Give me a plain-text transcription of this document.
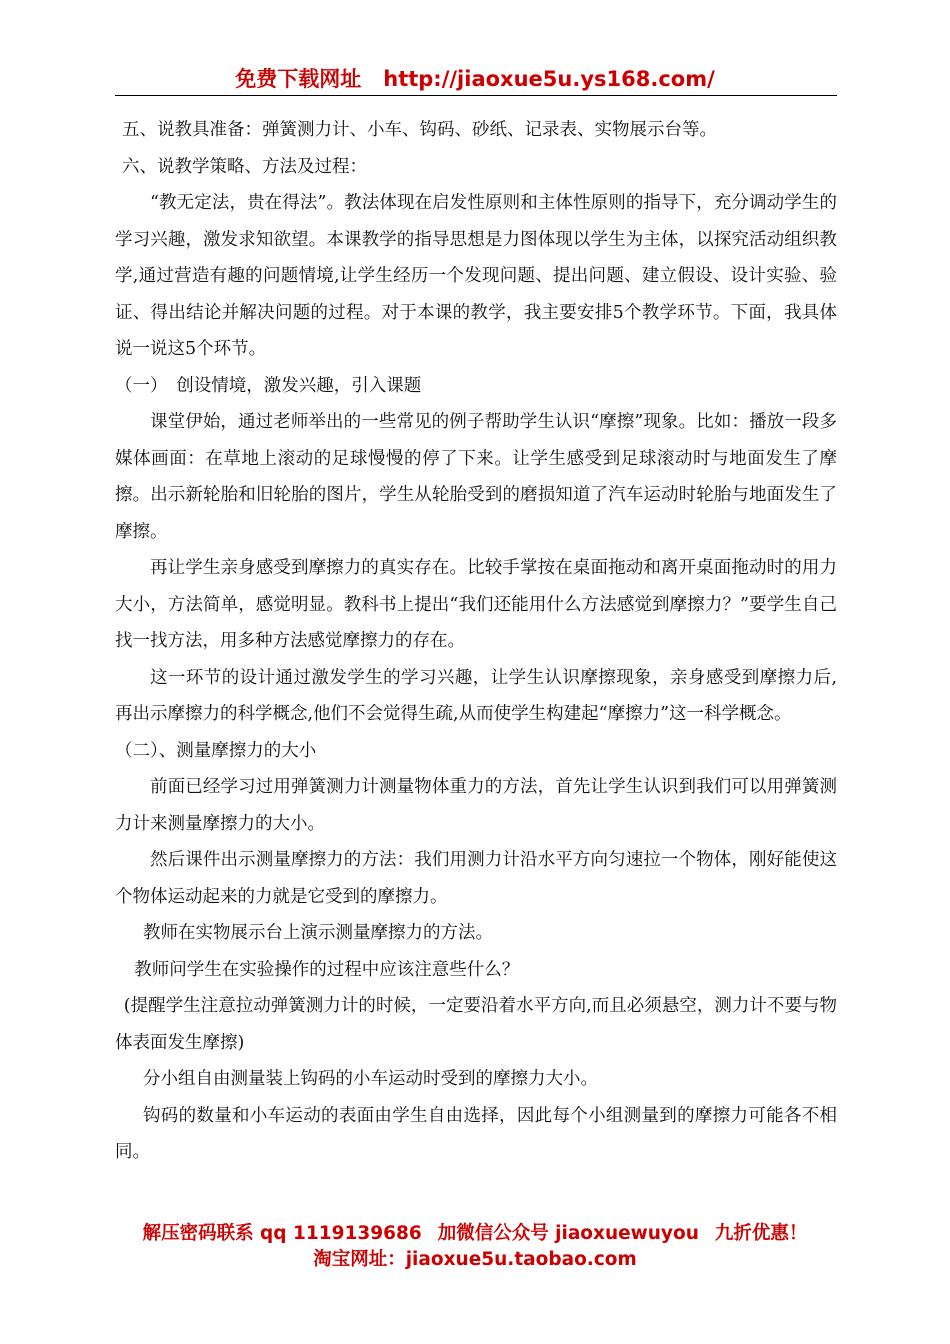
免费下载网址 http://jiaoxue5u.ys168.com/

五、说教具准备：弹簧测力计、小车、钩码、砂纸、记录表、实物展示台等。

六、说教学策略、方法及过程：

“教无定法，贵在得法”。教法体现在启发性原则和主体性原则的指导下，充分调动学生的学习兴趣，激发求知欲望。本课教学的指导思想是力图体现以学生为主体，以探究活动组织教学,通过营造有趣的问题情境,让学生经历一个发现问题、提出问题、建立假设、设计实验、验证、得出结论并解决问题的过程。对于本课的教学，我主要安排5个教学环节。下面，我具体说一说这5个环节。

（一）　创设情境，激发兴趣，引入课题

课堂伊始，通过老师举出的一些常见的例子帮助学生认识“摩擦”现象。比如：播放一段多媒体画面：在草地上滚动的足球慢慢的停了下来。让学生感受到足球滚动时与地面发生了摩擦。出示新轮胎和旧轮胎的图片，学生从轮胎受到的磨损知道了汽车运动时轮胎与地面发生了摩擦。

再让学生亲身感受到摩擦力的真实存在。比较手掌按在桌面拖动和离开桌面拖动时的用力大小，方法简单，感觉明显。教科书上提出“我们还能用什么方法感觉到摩擦力？”要学生自己找一找方法，用多种方法感觉摩擦力的存在。

这一环节的设计通过激发学生的学习兴趣，让学生认识摩擦现象，亲身感受到摩擦力后,再出示摩擦力的科学概念,他们不会觉得生疏,从而使学生构建起“摩擦力”这一科学概念。

（二）、测量摩擦力的大小

前面已经学习过用弹簧测力计测量物体重力的方法，首先让学生认识到我们可以用弹簧测力计来测量摩擦力的大小。

然后课件出示测量摩擦力的方法：我们用测力计沿水平方向匀速拉一个物体，刚好能使这个物体运动起来的力就是它受到的摩擦力。

教师在实物展示台上演示测量摩擦力的方法。

教师问学生在实验操作的过程中应该注意些什么？

(提醒学生注意拉动弹簧测力计的时候，一定要沿着水平方向,而且必须悬空，测力计不要与物体表面发生摩擦)

分小组自由测量装上钩码的小车运动时受到的摩擦力大小。

钩码的数量和小车运动的表面由学生自由选择，因此每个小组测量到的摩擦力可能各不相同。

解压密码联系 qq 1119139686 加微信公众号 jiaoxuewuyou 九折优惠！
淘宝网址：jiaoxue5u.taobao.com
